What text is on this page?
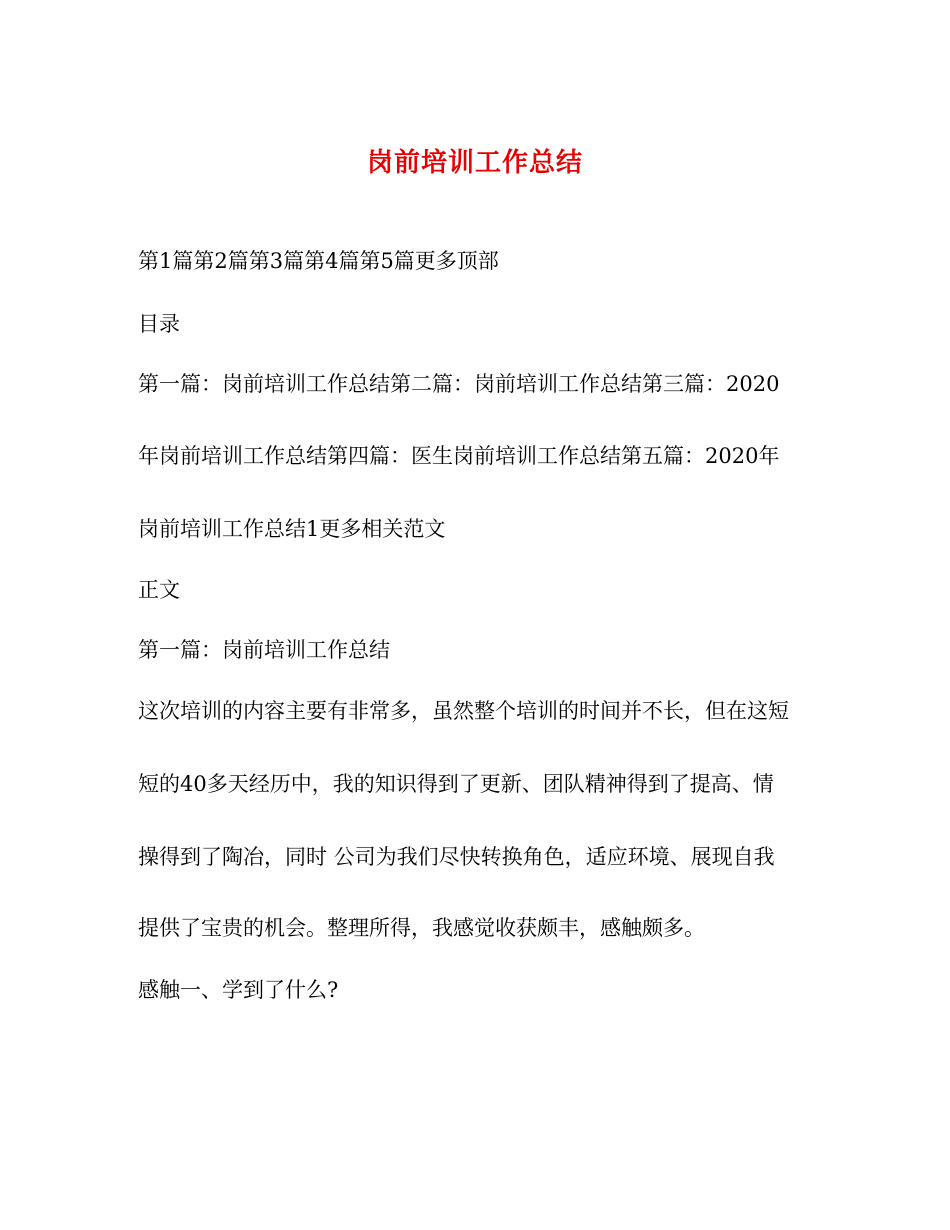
岗前培训工作总结
第1篇第2篇第3篇第4篇第5篇更多顶部
目录
第一篇：岗前培训工作总结第二篇：岗前培训工作总结第三篇：2020
年岗前培训工作总结第四篇：医生岗前培训工作总结第五篇：2020年
岗前培训工作总结1更多相关范文
正文
第一篇：岗前培训工作总结
这次培训的内容主要有非常多，虽然整个培训的时间并不长，但在这短
短的40多天经历中，我的知识得到了更新、团队精神得到了提高、情
操得到了陶冶，同时 公司为我们尽快转换角色，适应环境、展现自我
提供了宝贵的机会。整理所得，我感觉收获颇丰，感触颇多。
感触一、学到了什么?
